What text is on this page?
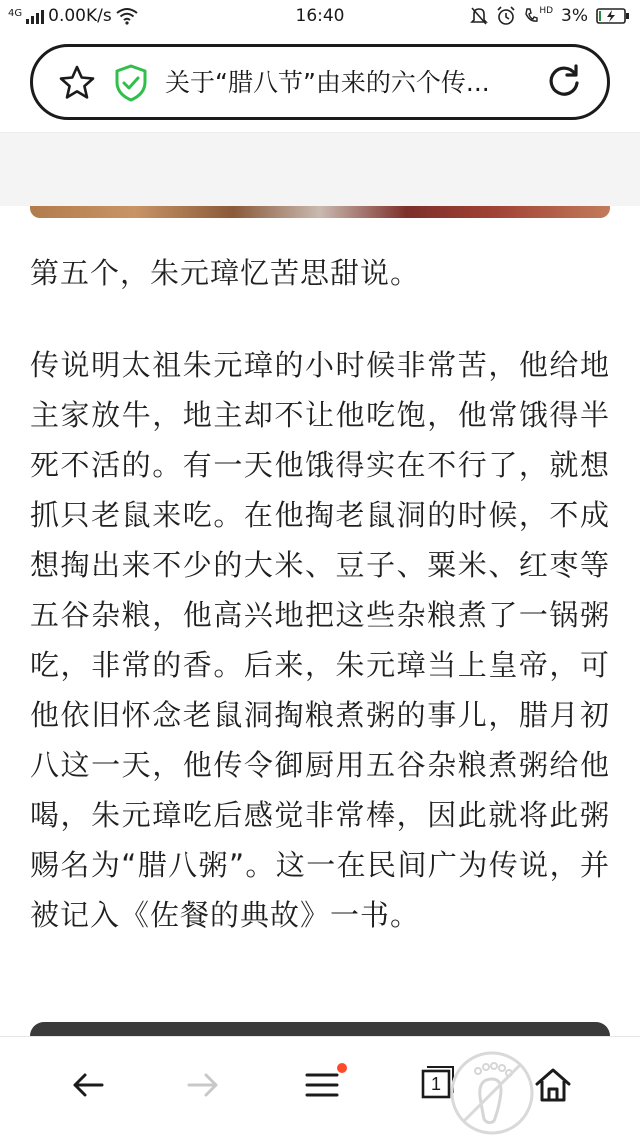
4G 0.00K/s	16:40	HD 3%
关于“腊八节”由来的六个传...

第五个，朱元璋忆苦思甜说。

传说明太祖朱元璋的小时候非常苦，他给地主家放牛，地主却不让他吃饱，他常饿得半死不活的。有一天他饿得实在不行了，就想抓只老鼠来吃。在他掏老鼠洞的时候，不成想掏出来不少的大米、豆子、粟米、红枣等五谷杂粮，他高兴地把这些杂粮煮了一锅粥吃，非常的香。后来，朱元璋当上皇帝，可他依旧怀念老鼠洞掏粮煮粥的事儿，腊月初八这一天，他传令御厨用五谷杂粮煮粥给他喝，朱元璋吃后感觉非常棒，因此就将此粥赐名为“腊八粥”。这一在民间广为传说，并被记入《佐餐的典故》一书。

1
